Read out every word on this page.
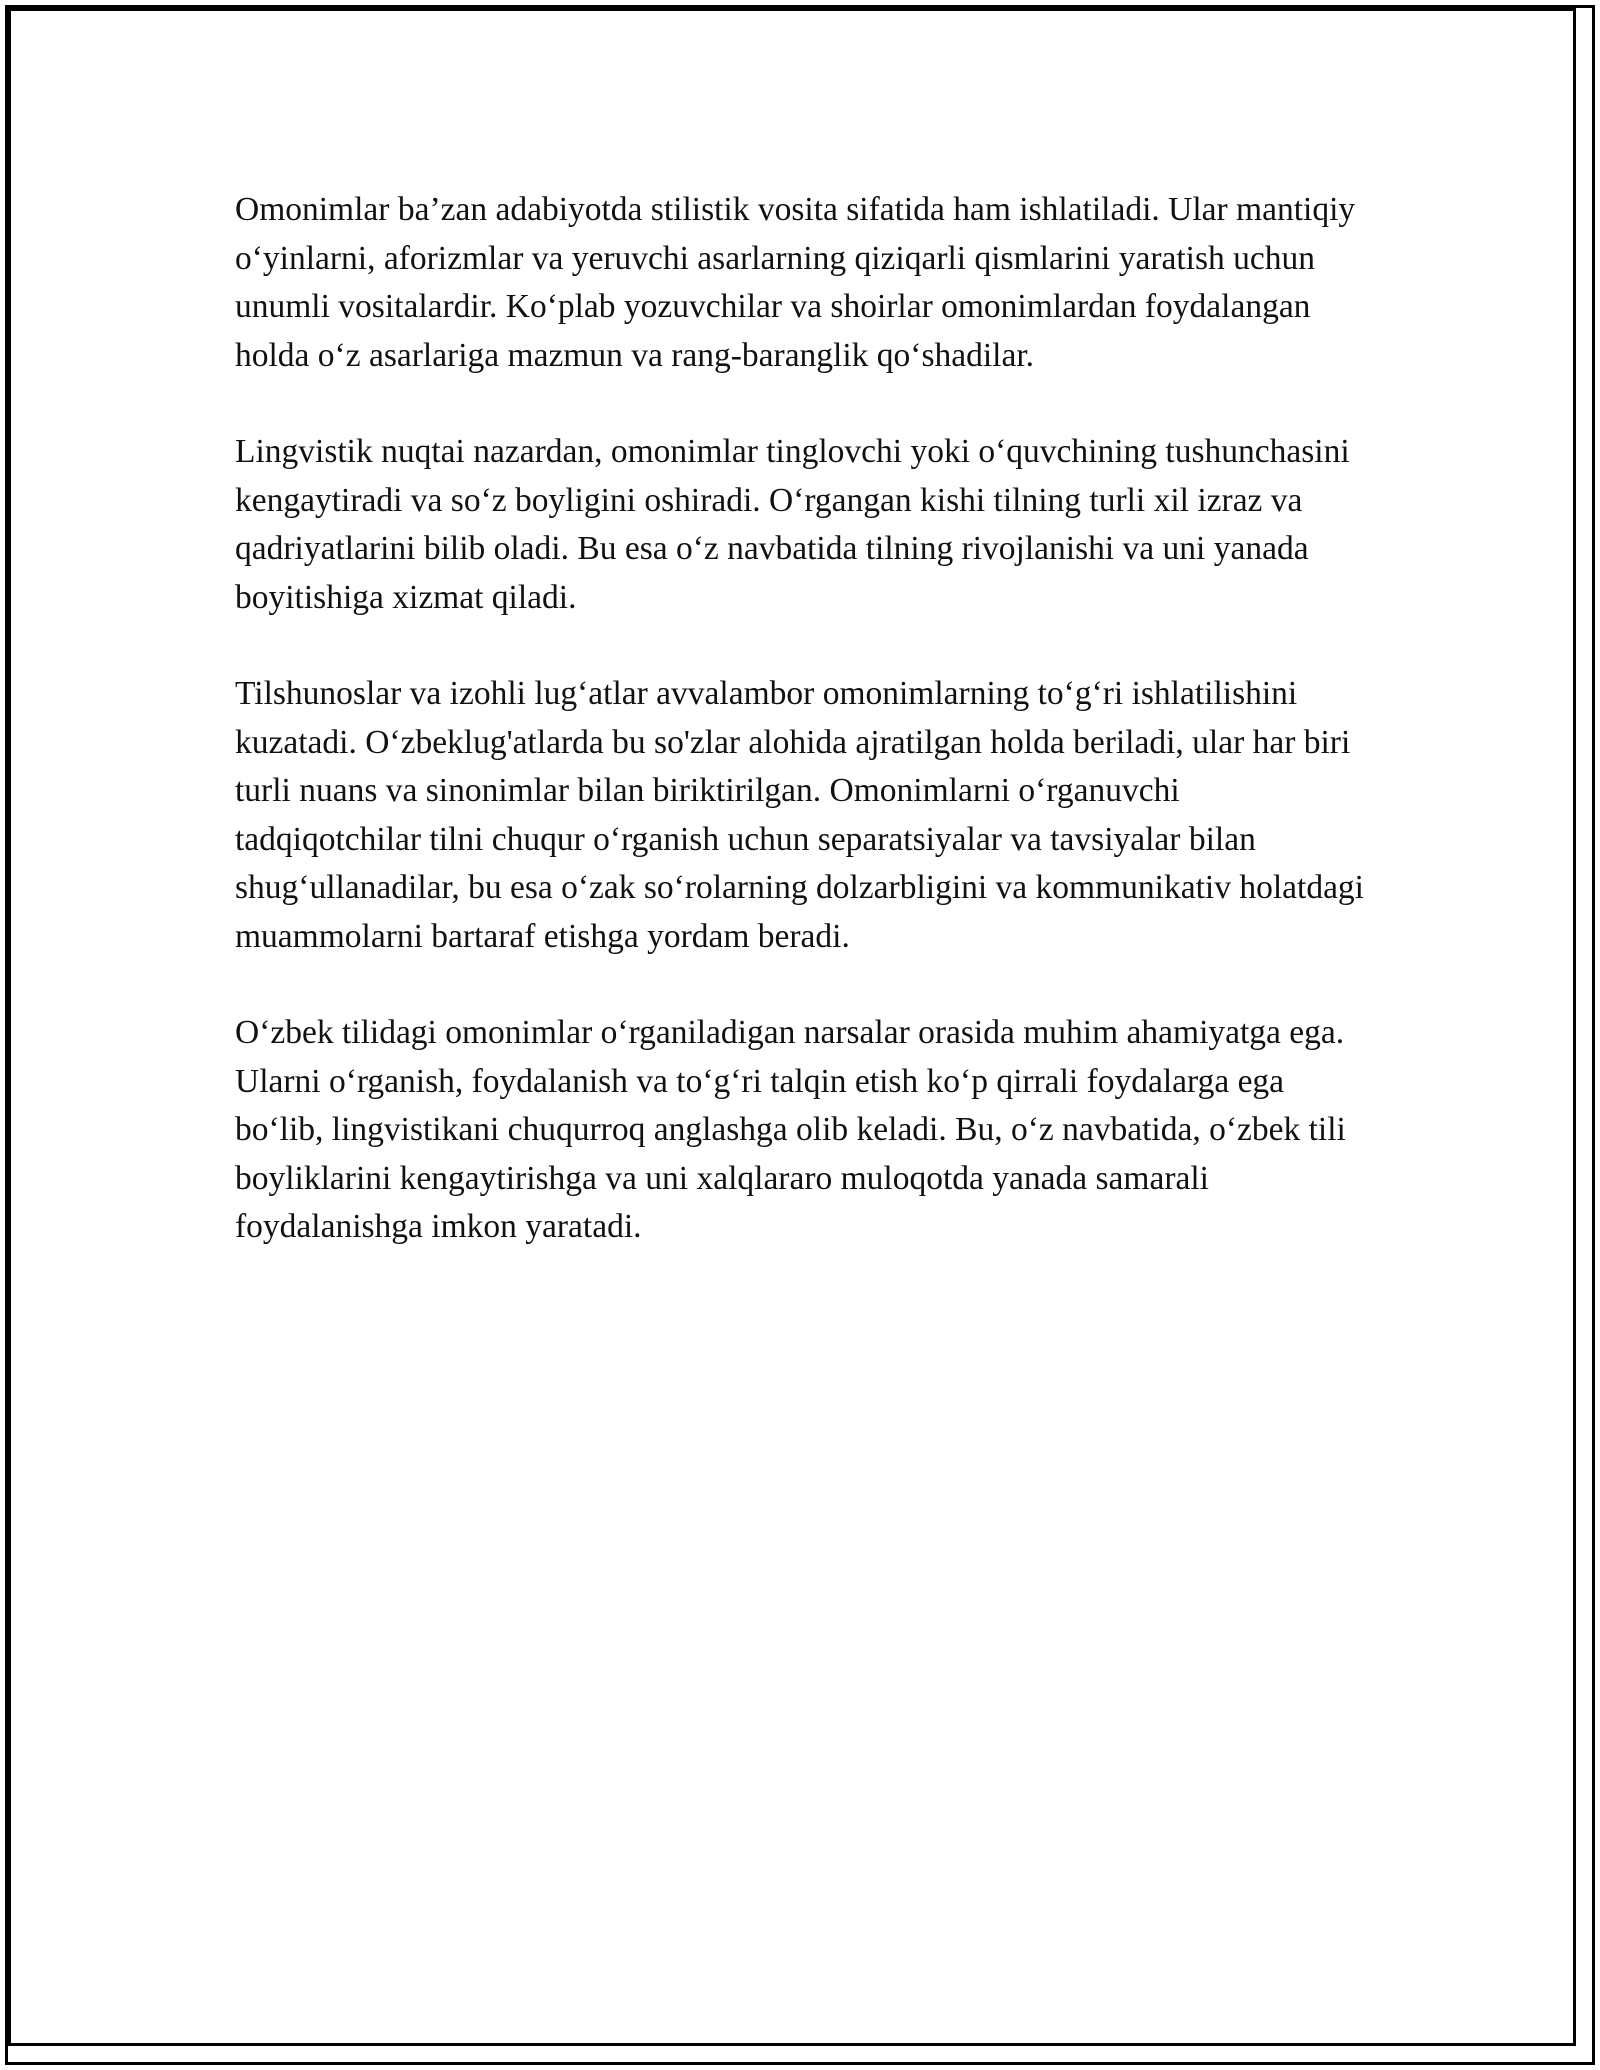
Omonimlar ba’zan adabiyotda stilistik vosita sifatida ham ishlatiladi. Ular mantiqiy o‘yinlarni, aforizmlar va yeruvchi asarlarning qiziqarli qismlarini yaratish uchun unumli vositalardir. Ko‘plab yozuvchilar va shoirlar omonimlardan foydalangan holda o‘z asarlariga mazmun va rang-baranglik qo‘shadilar.

Lingvistik nuqtai nazardan, omonimlar tinglovchi yoki o‘quvchining tushunchasini kengaytiradi va so‘z boyligini oshiradi. O‘rgangan kishi tilning turli xil izraz va qadriyatlarini bilib oladi. Bu esa o‘z navbatida tilning rivojlanishi va uni yanada boyitishiga xizmat qiladi.

Tilshunoslar va izohli lug‘atlar avvalambor omonimlarning to‘g‘ri ishlatilishini kuzatadi. O‘zbeklug'atlarda bu so'zlar alohida ajratilgan holda beriladi, ular har biri turli nuans va sinonimlar bilan biriktirilgan. Omonimlarni o‘rganuvchi tadqiqotchilar tilni chuqur o‘rganish uchun separatsiyalar va tavsiyalar bilan shug‘ullanadilar, bu esa o‘zak so‘rolarning dolzarbligini va kommunikativ holatdagi muammolarni bartaraf etishga yordam beradi.

O‘zbek tilidagi omonimlar o‘rganiladigan narsalar orasida muhim ahamiyatga ega. Ularni o‘rganish, foydalanish va to‘g‘ri talqin etish ko‘p qirrali foydalarga ega bo‘lib, lingvistikani chuqurroq anglashga olib keladi. Bu, o‘z navbatida, o‘zbek tili boyliklarini kengaytirishga va uni xalqlararo muloqotda yanada samarali foydalanishga imkon yaratadi.
